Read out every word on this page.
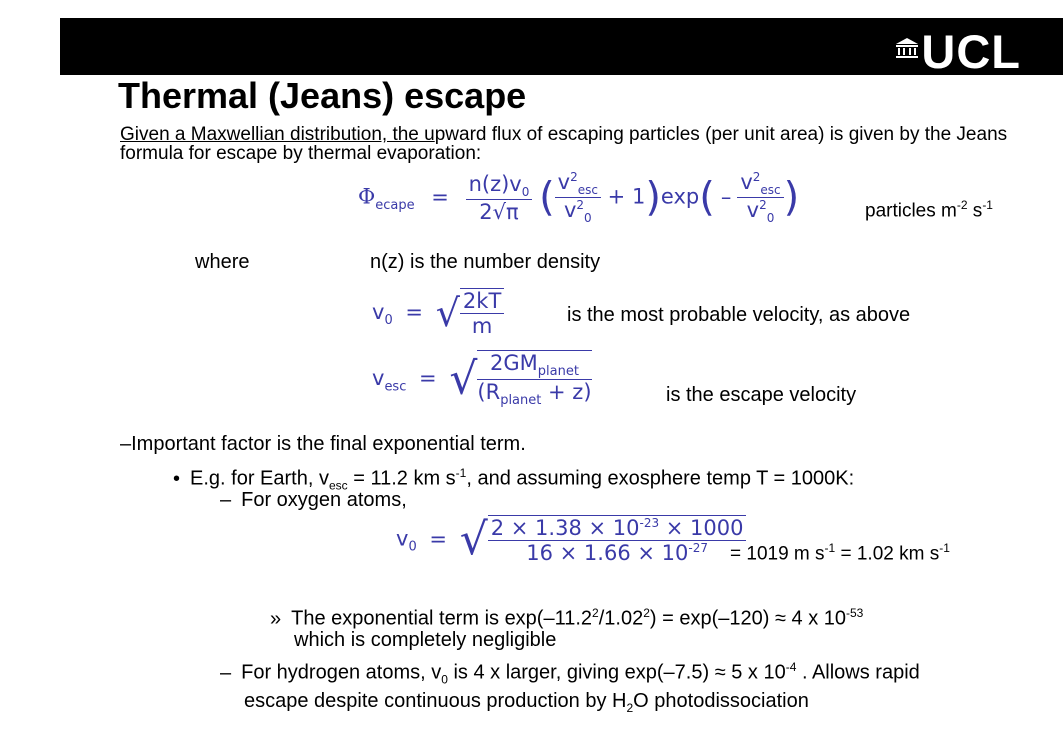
UCL
Thermal (Jeans) escape
Given a Maxwellian distribution, the upward flux of escaping particles (per unit area) is given by the Jeans formula for escape by thermal evaporation:
$\Phi_{ecape} = \frac{n(z)v_0}{2√\pi}$ ( $\frac{v^2_{esc}}{v^2_0} + 1)\exp( - \frac{v^2_{esc}}{v^2_0}$ )	particles $m^{-2}$ $s^{-1}$
where	n(z) is the number density
$v_0$ = √ $\frac{2kT}{m}$	is the most probable velocity, as above
$v_{esc}$ = √ $\frac{2GM_{planet}}{(R_{planet} + z)}$	is the escape velocity
–Important factor is the final exponential term.
• E.g. for Earth, $v_{esc} = 11.2$ km $s^{-1}$, and assuming exosphere temp T = 1000K:
– For oxygen atoms,
$v_0$ = √ $\frac{2 \times 1.38 \times 10^{-23} \times 1000}{16 \times 1.66 \times 10^{-27}}$
= 1019 m $s^{-1} = 1.02$ km $s^{-1}$
» The exponential term is $\exp(-11.2^2/1.02^2) = \exp(-120) \approx 4$ x $10^{-53}$
which is completely negligible
– For hydrogen atoms, $v_0$ is 4 x larger, giving exp(–7.5) ≈ 5 x $10^{-4}$ . Allows rapid
escape despite continuous production by $H_2O$ photodissociation
